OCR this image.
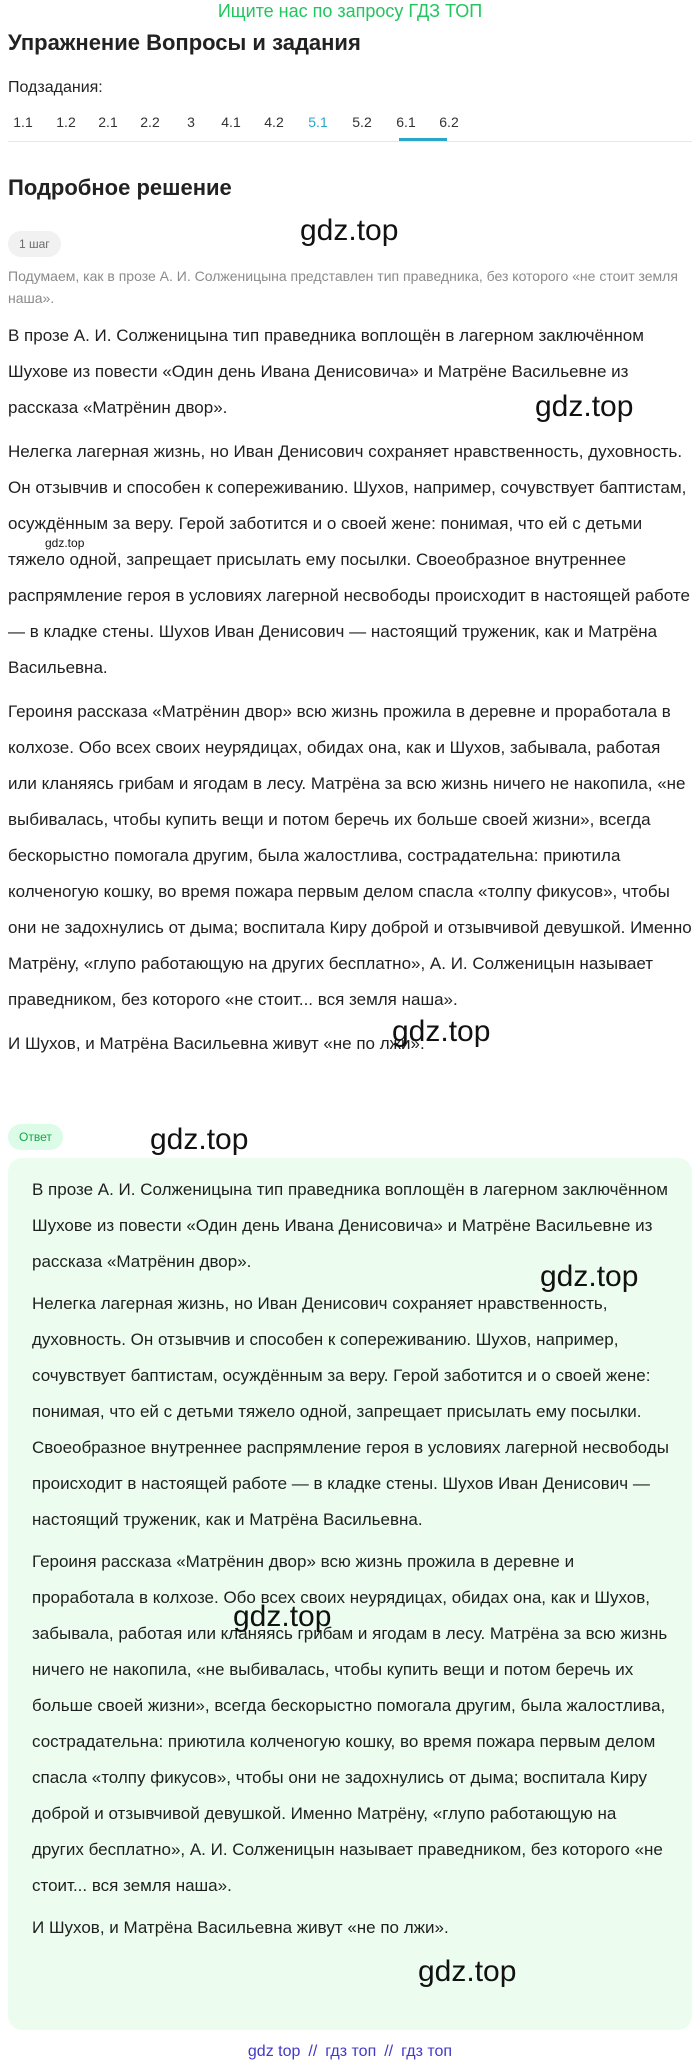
Ищите нас по запросу ГДЗ ТОП
Упражнение Вопросы и задания
Подзадания:
1.1 1.2 2.1 2.2 3 4.1 4.2 5.1 5.2 6.1 6.2
Подробное решение
1 шаг
Подумаем, как в прозе А. И. Солженицына представлен тип праведника, без которого «не стоит земля наша».

В прозе А. И. Солженицына тип праведника воплощён в лагерном заключённом Шухове из повести «Один день Ивана Денисовича» и Матрёне Васильевне из рассказа «Матрёнин двор».

Нелегка лагерная жизнь, но Иван Денисович сохраняет нравственность, духовность. Он отзывчив и способен к сопереживанию. Шухов, например, сочувствует баптистам, осуждённым за веру. Герой заботится и о своей жене: понимая, что ей с детьми тяжело одной, запрещает присылать ему посылки. Своеобразное внутреннее распрямление героя в условиях лагерной несвободы происходит в настоящей работе — в кладке стены. Шухов Иван Денисович — настоящий труженик, как и Матрёна Васильевна.

Героиня рассказа «Матрёнин двор» всю жизнь прожила в деревне и проработала в колхозе. Обо всех своих неурядицах, обидах она, как и Шухов, забывала, работая или кланяясь грибам и ягодам в лесу. Матрёна за всю жизнь ничего не накопила, «не выбивалась, чтобы купить вещи и потом беречь их больше своей жизни», всегда бескорыстно помогала другим, была жалостлива, сострадательна: приютила колченогую кошку, во время пожара первым делом спасла «толпу фикусов», чтобы они не задохнулись от дыма; воспитала Киру доброй и отзывчивой девушкой. Именно Матрёну, «глупо работающую на других бесплатно», А. И. Солженицын называет праведником, без которого «не стоит... вся земля наша».

И Шухов, и Матрёна Васильевна живут «не по лжи».

Ответ

В прозе А. И. Солженицына тип праведника воплощён в лагерном заключённом Шухове из повести «Один день Ивана Денисовича» и Матрёне Васильевне из рассказа «Матрёнин двор».

Нелегка лагерная жизнь, но Иван Денисович сохраняет нравственность, духовность. Он отзывчив и способен к сопереживанию. Шухов, например, сочувствует баптистам, осуждённым за веру. Герой заботится и о своей жене: понимая, что ей с детьми тяжело одной, запрещает присылать ему посылки. Своеобразное внутреннее распрямление героя в условиях лагерной несвободы происходит в настоящей работе — в кладке стены. Шухов Иван Денисович — настоящий труженик, как и Матрёна Васильевна.

Героиня рассказа «Матрёнин двор» всю жизнь прожила в деревне и проработала в колхозе. Обо всех своих неурядицах, обидах она, как и Шухов, забывала, работая или кланяясь грибам и ягодам в лесу. Матрёна за всю жизнь ничего не накопила, «не выбивалась, чтобы купить вещи и потом беречь их больше своей жизни», всегда бескорыстно помогала другим, была жалостлива, сострадательна: приютила колченогую кошку, во время пожара первым делом спасла «толпу фикусов», чтобы они не задохнулись от дыма; воспитала Киру доброй и отзывчивой девушкой. Именно Матрёну, «глупо работающую на других бесплатно», А. И. Солженицын называет праведником, без которого «не стоит... вся земля наша».

И Шухов, и Матрёна Васильевна живут «не по лжи».

gdz.top
gdz.top
gdz.top
gdz.top
gdz.top
gdz.top
gdz.top
gdz.top
gdz top // гдз топ // гдз топ
